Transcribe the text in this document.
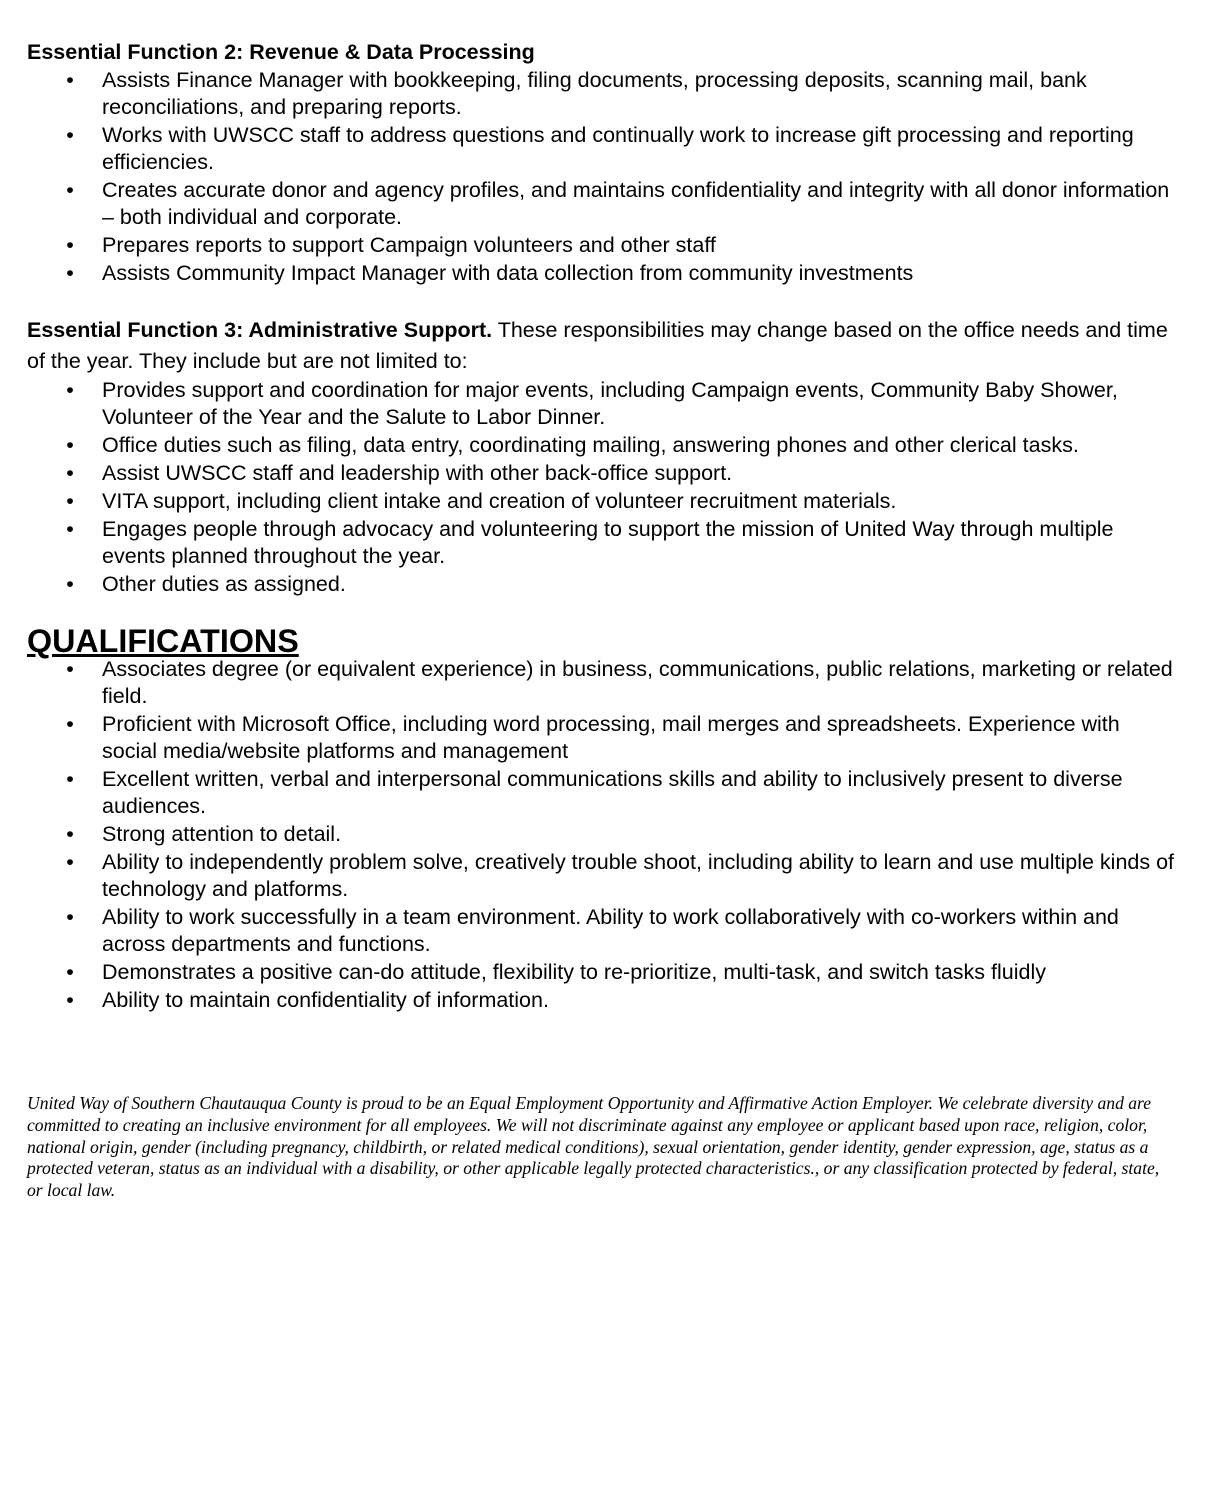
Essential Function 2: Revenue & Data Processing
• Assists Finance Manager with bookkeeping, filing documents, processing deposits, scanning mail, bank reconciliations, and preparing reports.
• Works with UWSCC staff to address questions and continually work to increase gift processing and reporting efficiencies.
• Creates accurate donor and agency profiles, and maintains confidentiality and integrity with all donor information – both individual and corporate.
• Prepares reports to support Campaign volunteers and other staff
• Assists Community Impact Manager with data collection from community investments

Essential Function 3: Administrative Support. These responsibilities may change based on the office needs and time of the year. They include but are not limited to:

• Provides support and coordination for major events, including Campaign events, Community Baby Shower, Volunteer of the Year and the Salute to Labor Dinner.
• Office duties such as filing, data entry, coordinating mailing, answering phones and other clerical tasks.
• Assist UWSCC staff and leadership with other back-office support.
• VITA support, including client intake and creation of volunteer recruitment materials.
• Engages people through advocacy and volunteering to support the mission of United Way through multiple events planned throughout the year.
• Other duties as assigned.
QUALIFICATIONS
• Associates degree (or equivalent experience) in business, communications, public relations, marketing or related field.
• Proficient with Microsoft Office, including word processing, mail merges and spreadsheets. Experience with social media/website platforms and management
• Excellent written, verbal and interpersonal communications skills and ability to inclusively present to diverse audiences.
• Strong attention to detail.
• Ability to independently problem solve, creatively trouble shoot, including ability to learn and use multiple kinds of technology and platforms.
• Ability to work successfully in a team environment. Ability to work collaboratively with co-workers within and across departments and functions.
• Demonstrates a positive can-do attitude, flexibility to re-prioritize, multi-task, and switch tasks fluidly
• Ability to maintain confidentiality of information.

United Way of Southern Chautauqua County is proud to be an Equal Employment Opportunity and Affirmative Action Employer. We celebrate diversity and are committed to creating an inclusive environment for all employees. We will not discriminate against any employee or applicant based upon race, religion, color, national origin, gender (including pregnancy, childbirth, or related medical conditions), sexual orientation, gender identity, gender expression, age, status as a protected veteran, status as an individual with a disability, or other applicable legally protected characteristics., or any classification protected by federal, state, or local law.
